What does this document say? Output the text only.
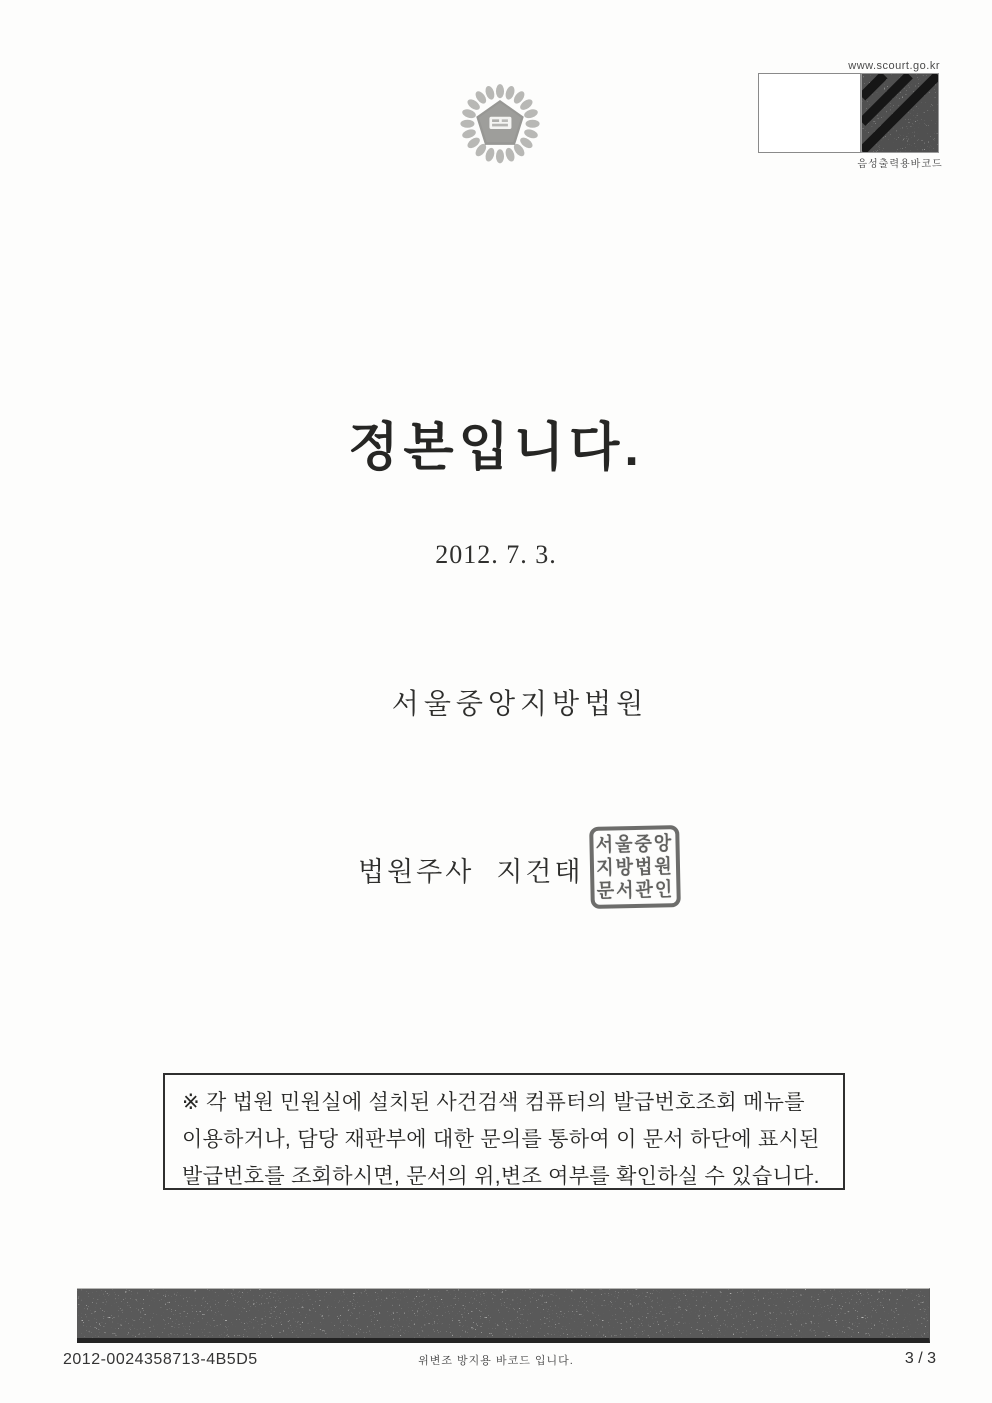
www.scourt.go.kr
음성출력용바코드
정본입니다.
2012. 7. 3.
서울중앙지방법원
법원주사 지건태
서울중앙
지방법원
문서관인
※ 각 법원 민원실에 설치된 사건검색 컴퓨터의 발급번호조회 메뉴를
이용하거나, 담당 재판부에 대한 문의를 통하여 이 문서 하단에 표시된
발급번호를 조회하시면, 문서의 위,변조 여부를 확인하실 수 있습니다.
2012-0024358713-4B5D5	위변조 방지용 바코드 입니다.	3 / 3
